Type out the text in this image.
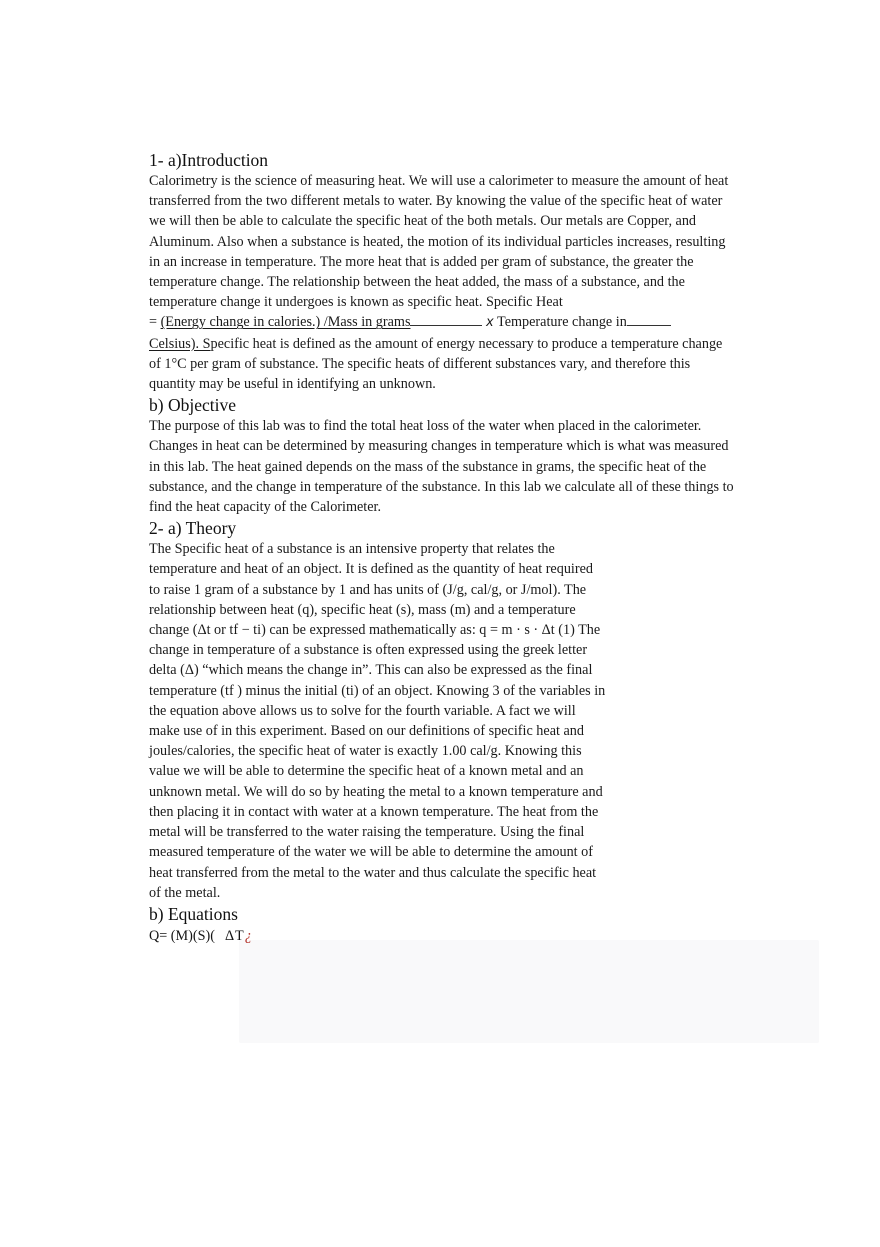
1- a)Introduction

Calorimetry is the science of measuring heat. We will use a calorimeter to measure the amount of heat transferred from the two different metals to water. By knowing the value of the specific heat of water we will then be able to calculate the specific heat of the both metals. Our metals are Copper, and Aluminum. Also when a substance is heated, the motion of its individual particles increases, resulting in an increase in temperature. The more heat that is added per gram of substance, the greater the temperature change. The relationship between the heat added, the mass of a substance, and the temperature change it undergoes is known as specific heat. Specific Heat
= (Energy change in calories.) /Mass in grams	x Temperature change in
Celsius). Specific heat is defined as the amount of energy necessary to produce a temperature change of 1°C per gram of substance. The specific heats of different substances vary, and therefore this quantity may be useful in identifying an unknown.

b) Objective

The purpose of this lab was to find the total heat loss of the water when placed in the calorimeter. Changes in heat can be determined by measuring changes in temperature which is what was measured in this lab. The heat gained depends on the mass of the substance in grams, the specific heat of the substance, and the change in temperature of the substance. In this lab we calculate all of these things to find the heat capacity of the Calorimeter.

2- a) Theory

The Specific heat of a substance is an intensive property that relates the temperature and heat of an object. It is defined as the quantity of heat required to raise 1 gram of a substance by 1 and has units of (J/g, cal/g, or J/mol). The relationship between heat (q), specific heat (s), mass (m) and a temperature change (Δt or tf − ti) can be expressed mathematically as: q = m · s · Δt (1) The change in temperature of a substance is often expressed using the greek letter delta (Δ) “which means the change in”. This can also be expressed as the final temperature (tf ) minus the initial (ti) of an object. Knowing 3 of the variables in the equation above allows us to solve for the fourth variable. A fact we will make use of in this experiment. Based on our definitions of specific heat and joules/calories, the specific heat of water is exactly 1.00 cal/g. Knowing this value we will be able to determine the specific heat of a known metal and an unknown metal. We will do so by heating the metal to a known temperature and then placing it in contact with water at a known temperature. The heat from the metal will be transferred to the water raising the temperature. Using the final measured temperature of the water we will be able to determine the amount of heat transferred from the metal to the water and thus calculate the specific heat of the metal.

b) Equations

Q= (M)(S)( ΔT¿
